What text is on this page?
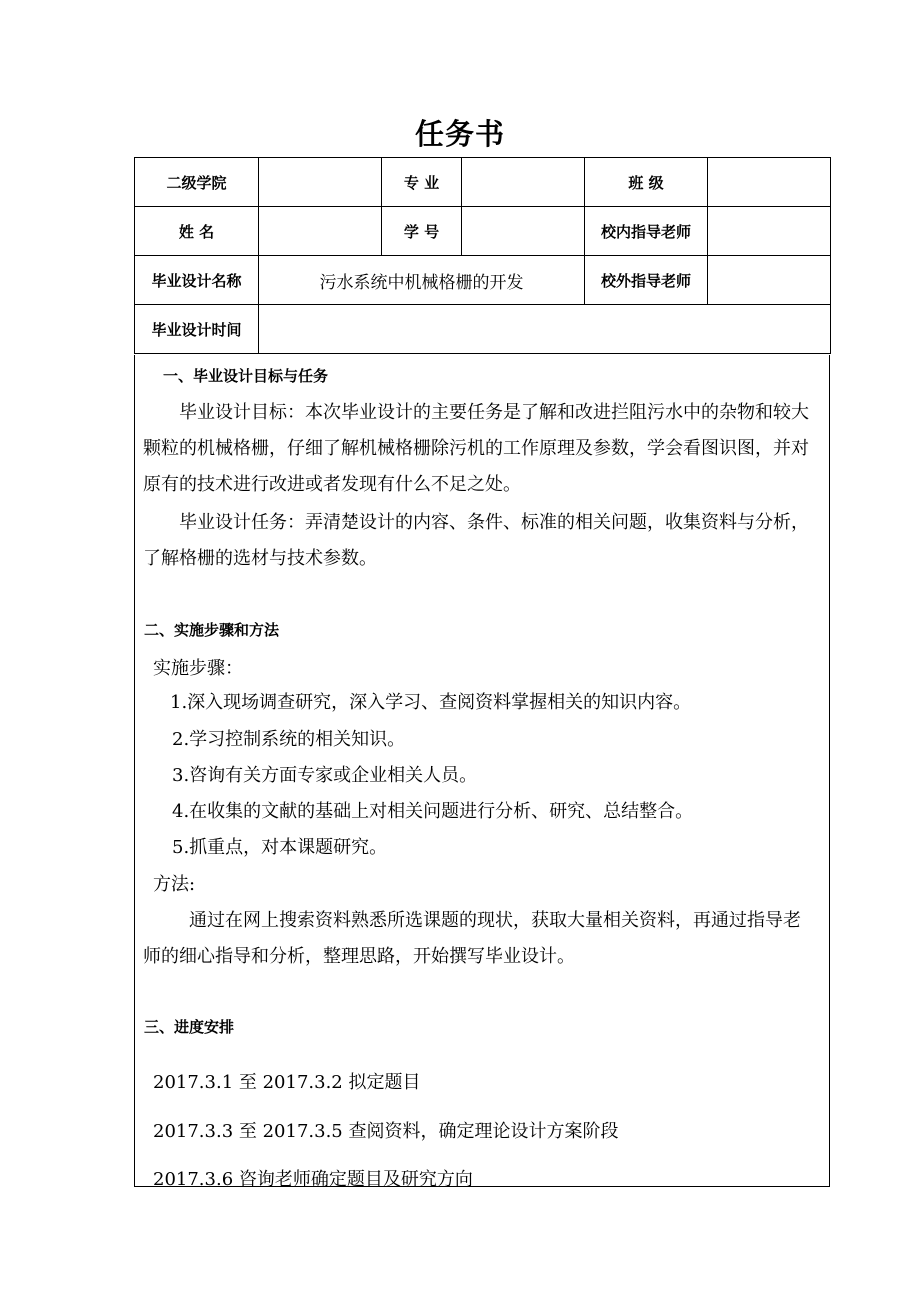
任务书
二级学院		专 业		班 级	
姓 名		学 号		校内指导老师	
毕业设计名称	污水系统中机械格栅的开发			校外指导老师	
毕业设计时间					
一、毕业设计目标与任务
毕业设计目标：本次毕业设计的主要任务是了解和改进拦阻污水中的杂物和较大
颗粒的机械格栅，仔细了解机械格栅除污机的工作原理及参数，学会看图识图，并对
原有的技术进行改进或者发现有什么不足之处。
毕业设计任务：弄清楚设计的内容、条件、标准的相关问题，收集资料与分析，
了解格栅的选材与技术参数。
二、实施步骤和方法
实施步骤：
1.深入现场调查研究，深入学习、查阅资料掌握相关的知识内容。
2.学习控制系统的相关知识。
3.咨询有关方面专家或企业相关人员。
4.在收集的文献的基础上对相关问题进行分析、研究、总结整合。
5.抓重点，对本课题研究。
方法:
通过在网上搜索资料熟悉所选课题的现状，获取大量相关资料，再通过指导老
师的细心指导和分析，整理思路，开始撰写毕业设计。
三、进度安排
2017.3.1 至 2017.3.2 拟定题目
2017.3.3 至 2017.3.5 查阅资料，确定理论设计方案阶段
2017.3.6 咨询老师确定题目及研究方向
